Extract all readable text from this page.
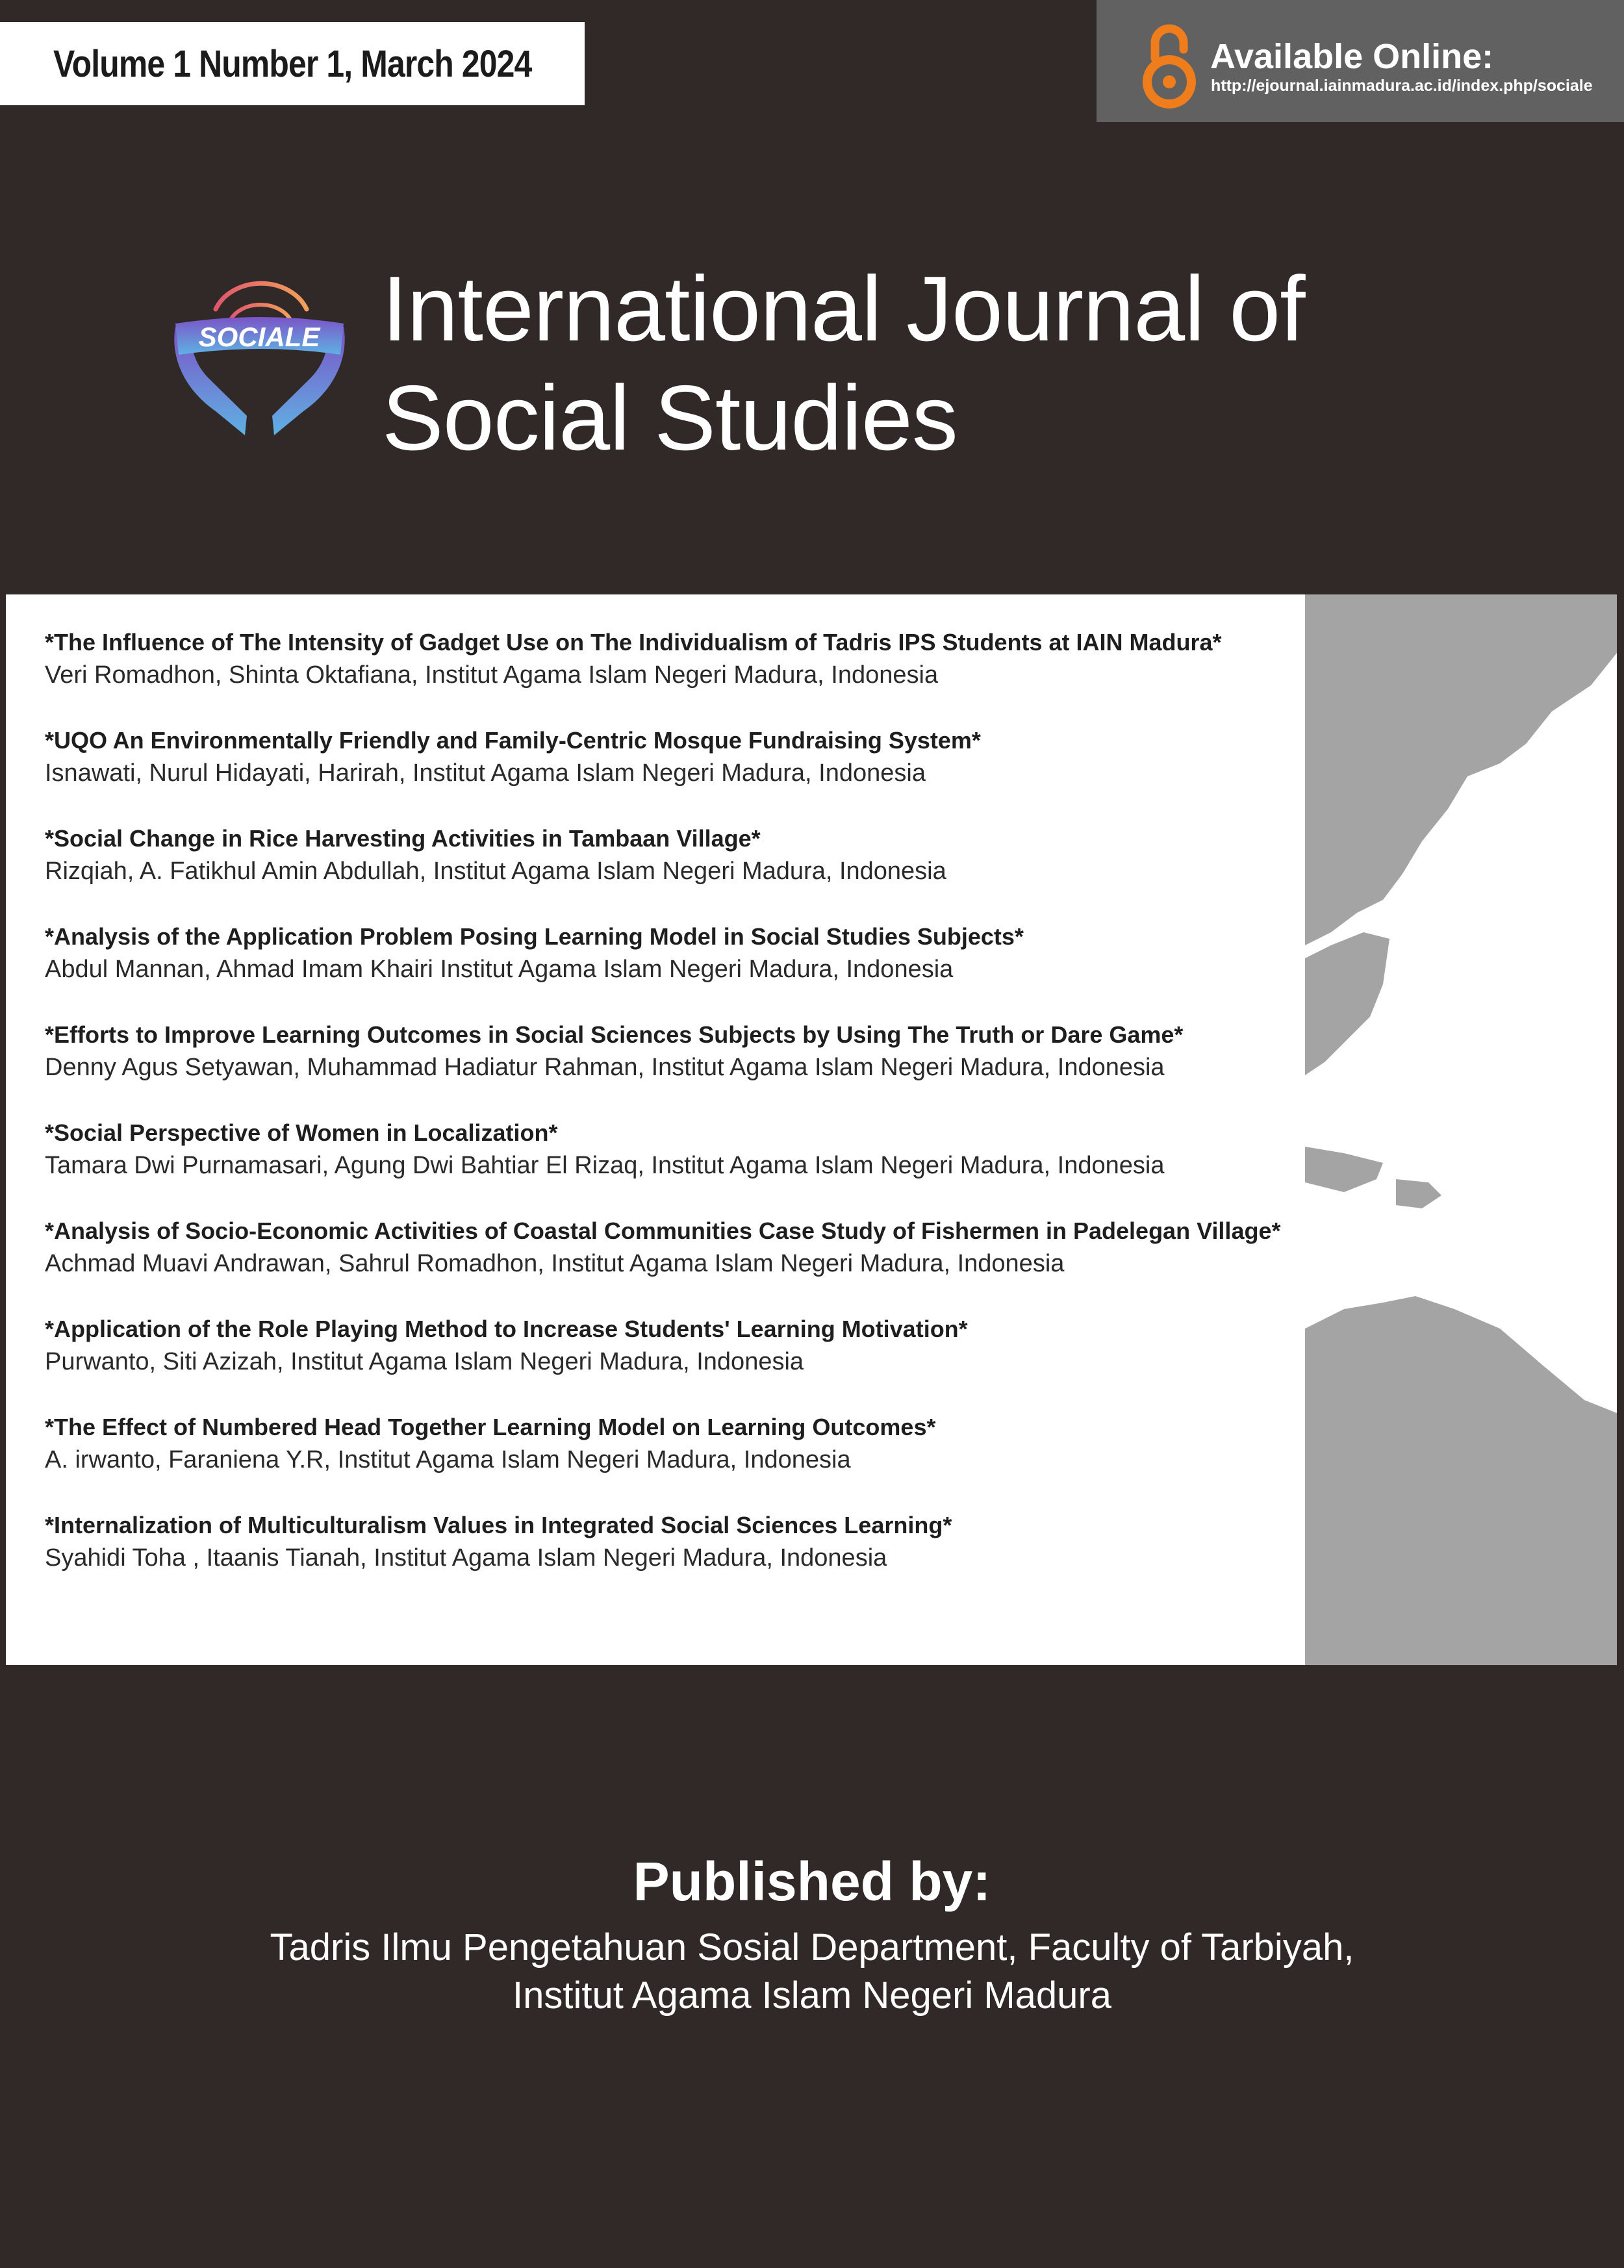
Volume 1 Number 1, March 2024	Available Online:
http://ejournal.iainmadura.ac.id/index.php/sociale
SOCIALE International Journal of
Social Studies
*The Influence of The Intensity of Gadget Use on The Individualism of Tadris IPS Students at IAIN Madura*
Veri Romadhon, Shinta Oktafiana, Institut Agama Islam Negeri Madura, Indonesia
*UQO An Environmentally Friendly and Family-Centric Mosque Fundraising System*
Isnawati, Nurul Hidayati, Harirah, Institut Agama Islam Negeri Madura, Indonesia
*Social Change in Rice Harvesting Activities in Tambaan Village*
Rizqiah, A. Fatikhul Amin Abdullah, Institut Agama Islam Negeri Madura, Indonesia
*Analysis of the Application Problem Posing Learning Model in Social Studies Subjects*
Abdul Mannan, Ahmad Imam Khairi Institut Agama Islam Negeri Madura, Indonesia
*Efforts to Improve Learning Outcomes in Social Sciences Subjects by Using The Truth or Dare Game*
Denny Agus Setyawan, Muhammad Hadiatur Rahman, Institut Agama Islam Negeri Madura, Indonesia
*Social Perspective of Women in Localization*
Tamara Dwi Purnamasari, Agung Dwi Bahtiar El Rizaq, Institut Agama Islam Negeri Madura, Indonesia
*Analysis of Socio-Economic Activities of Coastal Communities Case Study of Fishermen in Padelegan Village*
Achmad Muavi Andrawan, Sahrul Romadhon, Institut Agama Islam Negeri Madura, Indonesia
*Application of the Role Playing Method to Increase Students' Learning Motivation*
Purwanto, Siti Azizah, Institut Agama Islam Negeri Madura, Indonesia
*The Effect of Numbered Head Together Learning Model on Learning Outcomes*
A. irwanto, Faraniena Y.R, Institut Agama Islam Negeri Madura, Indonesia
*Internalization of Multiculturalism Values in Integrated Social Sciences Learning*
Syahidi Toha , Itaanis Tianah, Institut Agama Islam Negeri Madura, Indonesia
Published by:
Tadris Ilmu Pengetahuan Sosial Department, Faculty of Tarbiyah,
Institut Agama Islam Negeri Madura
